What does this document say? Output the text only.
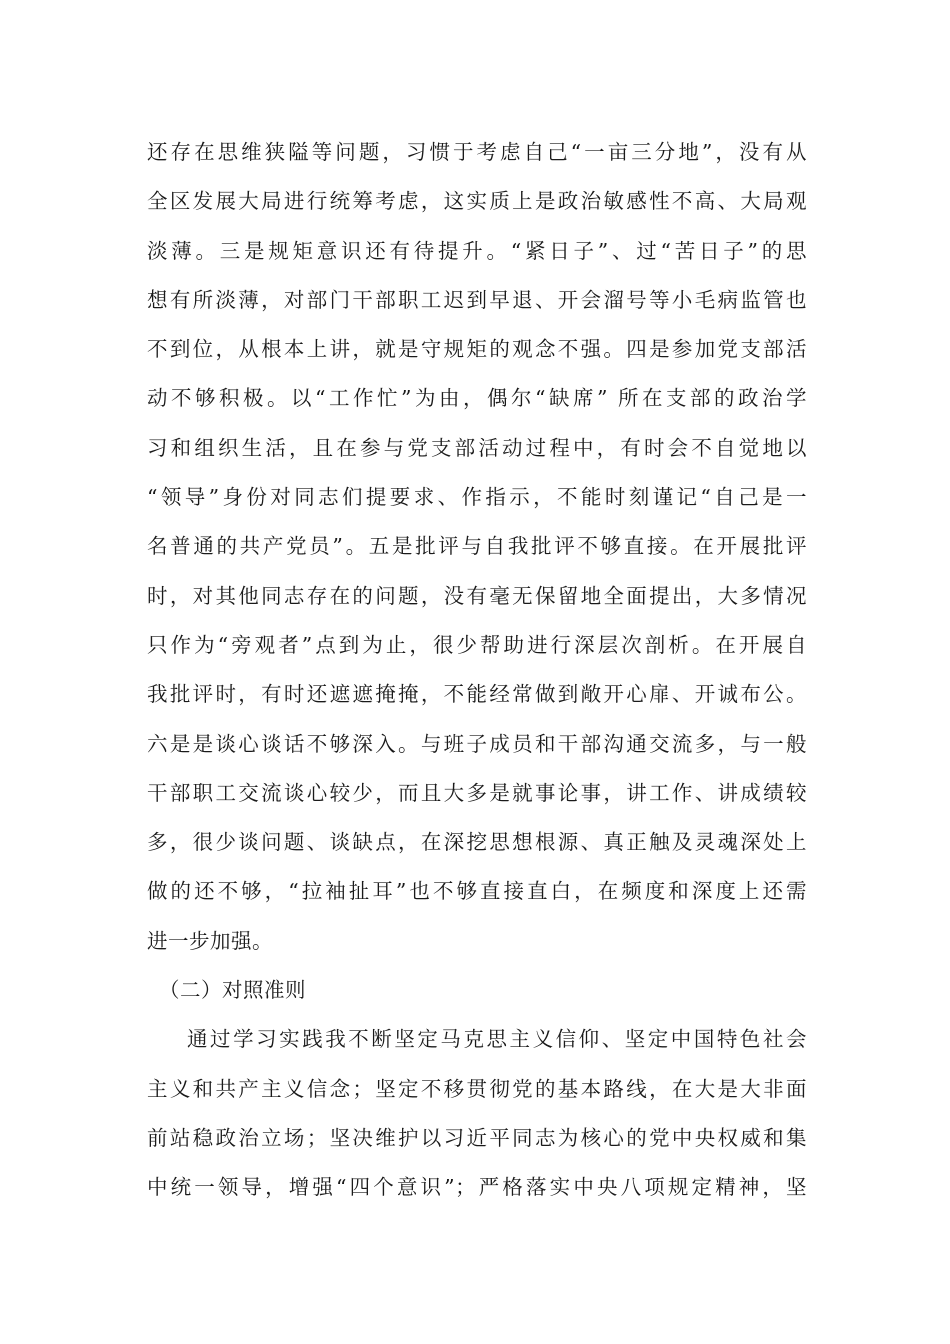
还存在思维狭隘等问题，习惯于考虑自己“一亩三分地”，没有从
全区发展大局进行统筹考虑，这实质上是政治敏感性不高、大局观
淡薄。三是规矩意识还有待提升。“紧日子”、过“苦日子”的思
想有所淡薄，对部门干部职工迟到早退、开会溜号等小毛病监管也
不到位，从根本上讲，就是守规矩的观念不强。四是参加党支部活
动不够积极。以“工作忙”为由，偶尔“缺席” 所在支部的政治学
习和组织生活，且在参与党支部活动过程中，有时会不自觉地以
“领导”身份对同志们提要求、作指示，不能时刻谨记“自己是一
名普通的共产党员”。五是批评与自我批评不够直接。在开展批评
时，对其他同志存在的问题，没有毫无保留地全面提出，大多情况
只作为“旁观者”点到为止，很少帮助进行深层次剖析。在开展自
我批评时，有时还遮遮掩掩，不能经常做到敞开心扉、开诚布公。
六是是谈心谈话不够深入。与班子成员和干部沟通交流多，与一般
干部职工交流谈心较少，而且大多是就事论事，讲工作、讲成绩较
多，很少谈问题、谈缺点，在深挖思想根源、真正触及灵魂深处上
做的还不够，“拉袖扯耳”也不够直接直白，在频度和深度上还需
进一步加强。
（二）对照准则
通过学习实践我不断坚定马克思主义信仰、坚定中国特色社会
主义和共产主义信念；坚定不移贯彻党的基本路线，在大是大非面
前站稳政治立场；坚决维护以习近平同志为核心的党中央权威和集
中统一领导，增强“四个意识”；严格落实中央八项规定精神，坚
